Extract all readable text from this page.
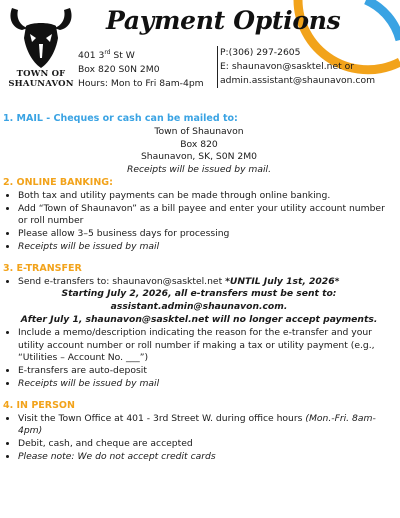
TOWN OF
SHAUNAVON
Payment Options
401 3rd St W
Box 820 S0N 2M0
Hours: Mon to Fri 8am-4pm
P:(306) 297-2605
E: shaunavon@sasktel.net or
admin.assistant@shaunavon.com
1. MAIL - Cheques or cash can be mailed to:
Town of Shaunavon
Box 820
Shaunavon, SK, S0N 2M0
Receipts will be issued by mail.
2. ONLINE BANKING:
• Both tax and utility payments can be made through online banking.
• Add “Town of Shaunavon” as a bill payee and enter your utility account number or roll number
• Please allow 3–5 business days for processing
• Receipts will be issued by mail
3. E-TRANSFER
• Send e-transfers to: shaunavon@sasktel.net *UNTIL July 1st, 2026*
Starting July 2, 2026, all e-transfers must be sent to:
assistant.admin@shaunavon.com.
After July 1, shaunavon@sasktel.net will no longer accept payments.
• Include a memo/description indicating the reason for the e-transfer and your utility account number or roll number if making a tax or utility payment (e.g., “Utilities – Account No. ___”)
• E-transfers are auto-deposit
• Receipts will be issued by mail
4. IN PERSON
• Visit the Town Office at 401 - 3rd Street W. during office hours (Mon.-Fri. 8am-4pm)
• Debit, cash, and cheque are accepted
• Please note: We do not accept credit cards
